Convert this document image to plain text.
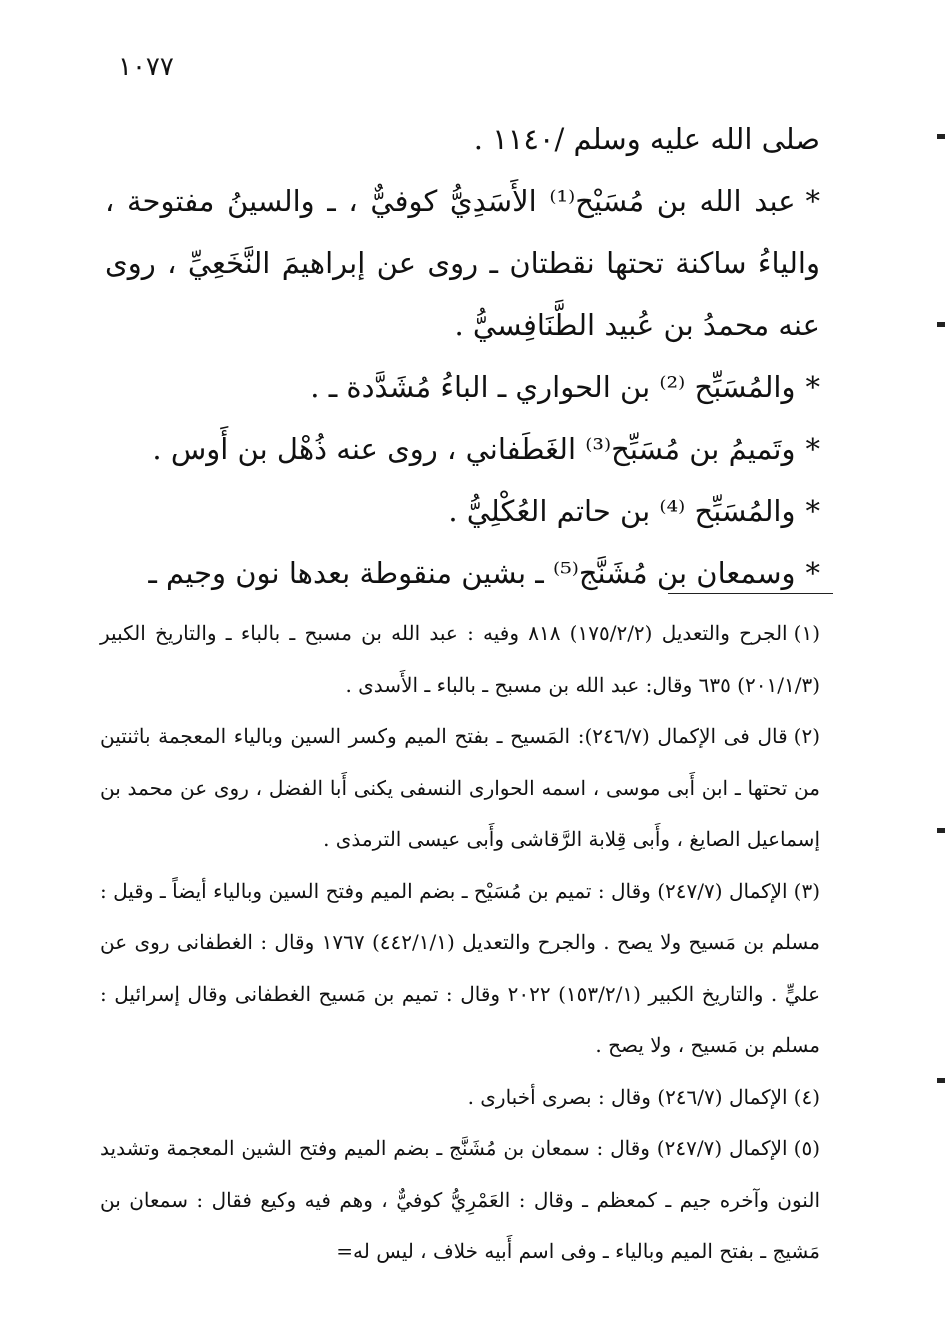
١٠٧٧

صلى الله عليه وسلم /١١٤٠ .

*عبد الله بن مُسَيْح⁽¹⁾ الأَسَدِيُّ كوفيٌّ ، ـ والسينُ مفتوحة ، والياءُ ساكنة تحتها نقطتان ـ روى عن إبراهيمَ النَّخَعِيِّ ، روى عنه محمدُ بن عُبيد الطَّنَافِسيُّ .

*والمُسَبِّح ⁽²⁾ بن الحواري ـ الباءُ مُشَدَّدة ـ .

*وتَميمُ بن مُسَبِّح⁽³⁾ الغَطَفاني ، روى عنه ذُهْل بن أَوس .

*والمُسَبِّح ⁽⁴⁾ بن حاتم العُكْلِيُّ .

*وسمعان بن مُشَنَّج⁽⁵⁾ ـ بشين منقوطة بعدها نون وجيم ـ

(١)الجرح والتعديل (١٧٥/٢/٢) ٨١٨ وفيه : عبد الله بن مسبح ـ بالباء ـ والتاريخ الكبير (٢٠١/١/٣) ٦٣٥ وقال: عبد الله بن مسبح ـ بالباء ـ الأَسدى .

(٢)قال فى الإكمال (٢٤٦/٧): المَسيح ـ بفتح الميم وكسر السين وبالياء المعجمة باثنتين من تحتها ـ ابن أَبى موسى ، اسمه الحوارى النسفى يكنى أَبا الفضل ، روى عن محمد بن إسماعيل الصايغ ، وأَبى قِلابة الرَّقاشى وأَبى عيسى الترمذى .

(٣)الإكمال (٢٤٧/٧) وقال : تميم بن مُسَيْح ـ بضم الميم وفتح السين وبالياء أيضاً ـ وقيل : مسلم بن مَسيح ولا يصح . والجرح والتعديل (٤٤٢/١/١) ١٧٦٧ وقال : الغطفانى روى عن عليٍّ . والتاريخ الكبير (١٥٣/٢/١) ٢٠٢٢ وقال : تميم بن مَسيح الغطفانى وقال إسرائيل : مسلم بن مَسيح ، ولا يصح .

(٤)الإكمال (٢٤٦/٧) وقال : بصرى أخبارى .

(٥)الإكمال (٢٤٧/٧) وقال : سمعان بن مُشَنَّج ـ بضم الميم وفتح الشين المعجمة وتشديد النون وآخره جيم ـ كمعظم ـ وقال : العَمْرِيُّ كوفيٌّ ، وهم فيه وكيع فقال : سمعان بن مَشيج ـ بفتح الميم وبالياء ـ وفى اسم أَبيه خلاف ، ليس له=
